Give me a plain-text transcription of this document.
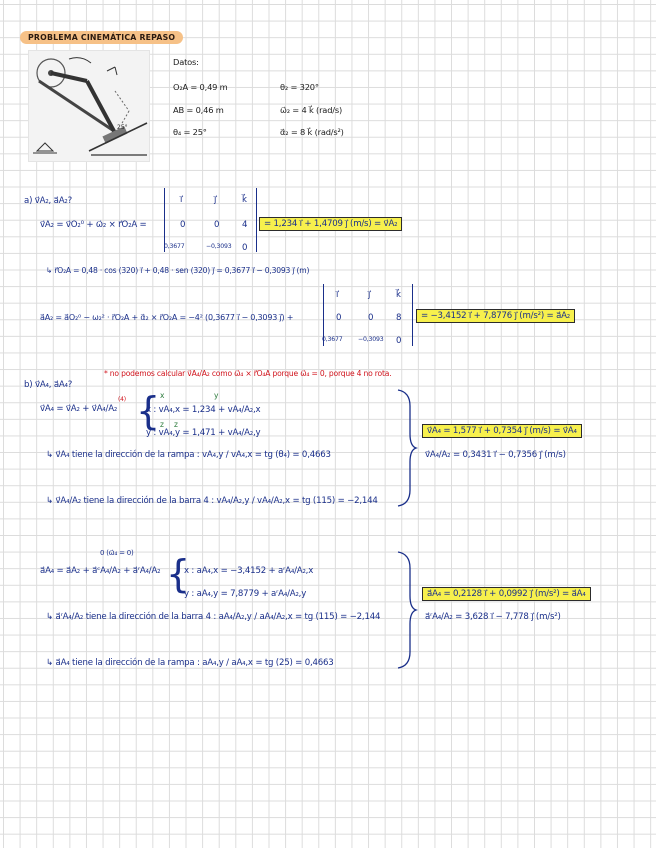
PROBLEMA CINEMÁTICA REPASO
25°
Datos:
O₂A = 0,49 m
AB = 0,46 m
θ₄ = 25°
θ₂ = 320°
ω⃗₂ = 4 k⃗ (rad/s)
α⃗₂ = 8 k⃗ (rad/s²)
a) v⃗A₂, a⃗A₂?
v⃗A₂ = v⃗O₂⁰ + ω⃗₂ × r⃗O₂A =
i⃗	j⃗	k⃗
0	0	4
0,3677	−0,3093 0
= 1,234 i⃗ + 1,4709 j⃗ (m/s) = v⃗A₂
↳ r⃗O₂A = 0,48 · cos (320) i⃗ + 0,48 · sen (320) j⃗ = 0,3677 i⃗ − 0,3093 j⃗ (m)
a⃗A₂ = a⃗O₂⁰ − ω₂² · r⃗O₂A + α⃗₂ × r⃗O₂A = −4² (0,3677 i⃗ − 0,3093 j⃗) +
i⃗	j⃗	k⃗
0	0	8
0,3677	−0,3093 0
= −3,4152 i⃗ + 7,8776 j⃗ (m/s²) = a⃗A₂
* no podemos calcular v⃗A₄/A₂ como ω⃗₄ × r⃗O₄A porque ω⃗₄ = 0, porque 4 no rota.
b) v⃗A₄, a⃗A₄?
v⃗A₄ = v⃗A₂ + v⃗A₄/A₂
(4) { x	y
x : vA₄,x = 1,234 + vA₄/A₂,x
z z
y : vA₄,y = 1,471 + vA₄/A₂,y
↳ v⃗A₄ tiene la dirección de la rampa : vA₄,y / vA₄,x = tg (θ₄) = 0,4663
↳ v⃗A₄/A₂ tiene la dirección de la barra 4 : vA₄/A₂,y / vA₄/A₂,x = tg (115) = −2,144
v⃗A₄ = 1,577 i⃗ + 0,7354 j⃗ (m/s) = v⃗A₄
v⃗A₄/A₂ = 0,3431 i⃗ − 0,7356 j⃗ (m/s)
0 (ω⃗₄ = 0)
a⃗A₄ = a⃗A₂ + a⃗ᶜA₄/A₂ + a⃗ʳA₄/A₂ {
x : aA₄,x = −3,4152 + aʳA₄/A₂,x
y : aA₄,y = 7,8779 + aʳA₄/A₂,y
↳ a⃗ʳA₄/A₂ tiene la dirección de la barra 4 : aA₄/A₂,y / aA₄/A₂,x = tg (115) = −2,144
↳ a⃗A₄ tiene la dirección de la rampa : aA₄,y / aA₄,x = tg (25) = 0,4663
a⃗A₄ = 0,2128 i⃗ + 0,0992 j⃗ (m/s²) = a⃗A₄
a⃗ʳA₄/A₂ = 3,628 i⃗ − 7,778 j⃗ (m/s²)
